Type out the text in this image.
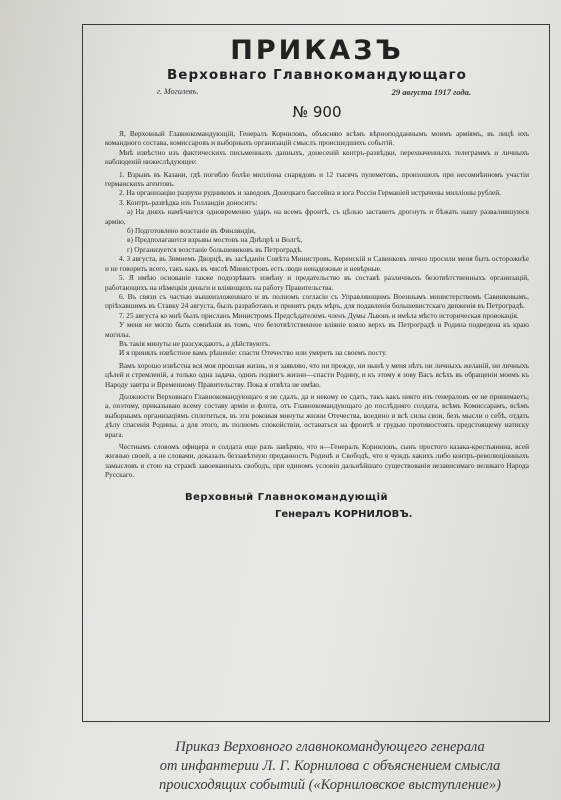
ПРИКАЗЪ
Верховнаго Главнокомандующаго
г. Могилевъ.	29 августа 1917 года.
№ 900

Я, Верховный Главнокомандующій, Генералъ Корниловъ, объясняю всѣмъ вѣрноподданнымъ моимъ арміямъ, въ лицѣ ихъ командного состава, комиссаровъ и выборныхъ организацій смыслъ происшедшихъ событій.

Мнѣ извѣстно изъ фактическихъ письменныхъ данныхъ, донесеній контръ-развѣдки, перехваченныхъ телеграммъ и личныхъ наблюденій нижеслѣдующее:

1. Взрывъ въ Казани, гдѣ погибло болѣе милліона снарядовъ и 12 тысячъ пулеметовъ, произошелъ при несомнѣнномъ участіи германскихъ агентовъ.

2. На организацію разрухи рудниковъ и заводовъ Донецкаго бассейна и юга Россіи Германіей истрачены милліоны рублей.

3. Контръ-развѣдка изъ Голландіи доноситъ:

а) На дняхъ намѣчается одновременно ударъ на всемъ фронтѣ, съ цѣлью заставить дрогнуть и бѣжать нашу развалившуюся армію,

б) Подготовлено возстаніе въ Финляндіи,

в) Предполагаются взрывы мостовъ на Днѣпрѣ и Волгѣ,

г) Организуется возстаніе большевиковъ въ Петроградѣ.

4. 3 августа, въ Зимнемъ Дворцѣ, въ засѣданіи Совѣта Министровъ, Керенскій и Савинковъ лично просили меня быть осторожнѣе и не говорить всего, такъ какъ въ числѣ Министровъ есть люди ненадежные и невѣрные.

5. Я имѣю основаніе также подозрѣвать измѣну и предательство въ составѣ различныхъ безотвѣтственныхъ организацій, работающихъ на нѣмецкія деньги и вліяющихъ на работу Правительства.

6. Въ связи съ частью вышеизложеннаго и въ полномъ согласіи съ Управляющимъ Военнымъ министерствомъ Савинковымъ, пріѣхавшимъ въ Ставку 24 августа, былъ разработанъ и принятъ рядъ мѣръ, для подавленія большевистскаго движенія въ Петроградѣ.

7. 25 августа ко мнѣ былъ присланъ Министромъ Предсѣдателемъ членъ Думы Львовъ и имѣла мѣсто историческая провокація.

У меня не могло быть сомнѣнія въ томъ, что безотвѣтственное вліяніе взяло верхъ въ Петроградѣ и Родина подведена къ краю могилы.

Въ такія минуты не разсуждаютъ, а дѣйствуютъ.

И я принялъ извѣстное вамъ рѣшеніе: спасти Отечество или умереть на своемъ посту.

Вамъ хорошо извѣстна вся моя прошлая жизнь, и я заявляю, что ни прежде, ни нынѣ у меня нѣтъ ни личныхъ желаній, ни личныхъ цѣлей и стремленій, а только одна задача, одинъ подвигъ жизни—спасти Родину, и къ этому я зову Васъ всѣхъ въ обращеніи моемъ къ Народу завтра и Временному Правительству. Пока я отвѣта не имѣю.

Должности Верховнаго Главнокомандующаго я не сдалъ, да и некому ее сдать, такъ какъ никто изъ генераловъ ее не принимаетъ; а, поэтому, приказываю всему составу арміи и флота, отъ Главнокомандующаго до послѣдняго солдата, всѣмъ Комиссарамъ, всѣмъ выборнымъ организаціямъ сплотиться, въ эти роковыя минуты жизни Отечества, воедино и всѣ силы свои, безъ мысли о себѣ, отдать дѣлу спасенія Родины, а для этого, въ полномъ спокойствіи, оставаться на фронтѣ и грудью противостоять предстоящему натиску врага.

Честнымъ словомъ офицера и солдата еще разъ завѣряю, что я—Генералъ Корниловъ, сынъ простого казака-крестьянина, всей жизнью своей, а не словами, доказалъ беззавѣтную преданность Родинѣ и Свободѣ, что я чуждъ какихъ либо контръ-революціонныхъ замысловъ и стою на стражѣ завоеванныхъ свободъ, при единомъ условіи дальнѣйшаго существованія независимаго великаго Народа Русскаго.

Верховный Главнокомандующій
Генералъ КОРНИЛОВЪ.
Приказ Верховного главнокомандующего генерала
от инфантерии Л. Г. Корнилова с объяснением смысла
происходящих событий («Корниловское выступление»)
